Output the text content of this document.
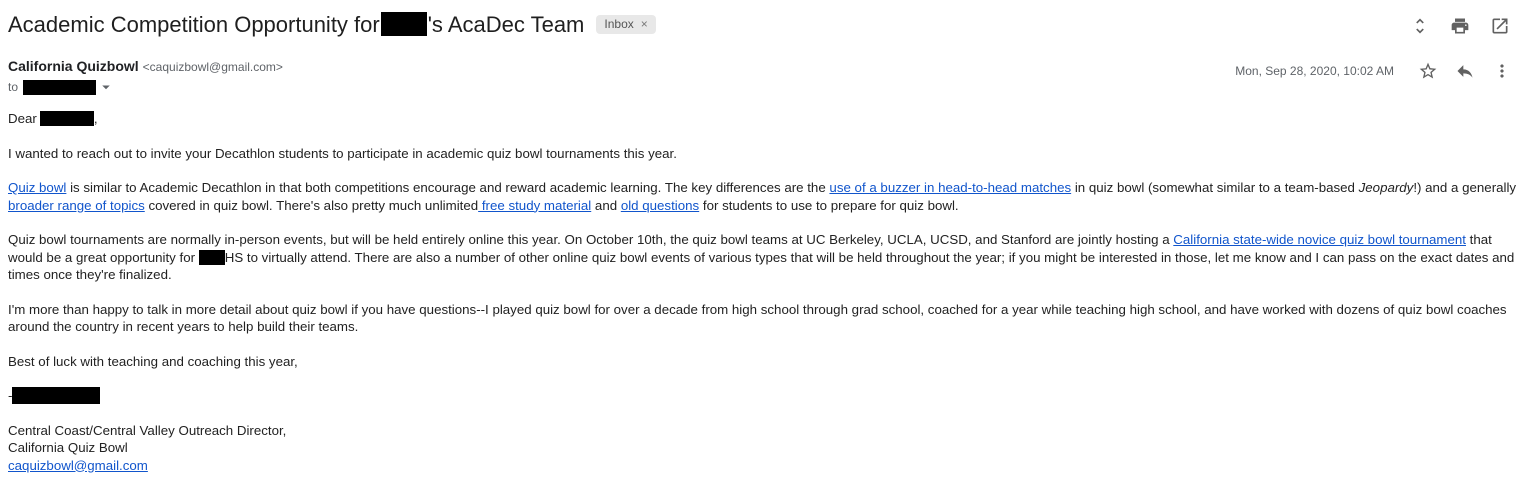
Academic Competition Opportunity for 's AcaDec Team Inbox ×
California Quizbowl <caquizbowl@gmail.com>
to
Mon, Sep 28, 2020, 10:02 AM

Dear	,

I wanted to reach out to invite your Decathlon students to participate in academic quiz bowl tournaments this year.

Quiz bowl is similar to Academic Decathlon in that both competitions encourage and reward academic learning. The key differences are the use of a buzzer in head-to-head matches in quiz bowl (somewhat similar to a team-based Jeopardy!) and a generally broader range of topics covered in quiz bowl. There's also pretty much unlimited free study material and old questions for students to use to prepare for quiz bowl.

Quiz bowl tournaments are normally in-person events, but will be held entirely online this year. On October 10th, the quiz bowl teams at UC Berkeley, UCLA, UCSD, and Stanford are jointly hosting a California state-wide novice quiz bowl tournament that would be a great opportunity for HS to virtually attend. There are also a number of other online quiz bowl events of various types that will be held throughout the year; if you might be interested in those, let me know and I can pass on the exact dates and times once they're finalized.

I'm more than happy to talk in more detail about quiz bowl if you have questions--I played quiz bowl for over a decade from high school through grad school, coached for a year while teaching high school, and have worked with dozens of quiz bowl coaches around the country in recent years to help build their teams.

Best of luck with teaching and coaching this year,

-

Central Coast/Central Valley Outreach Director,
California Quiz Bowl
caquizbowl@gmail.com
